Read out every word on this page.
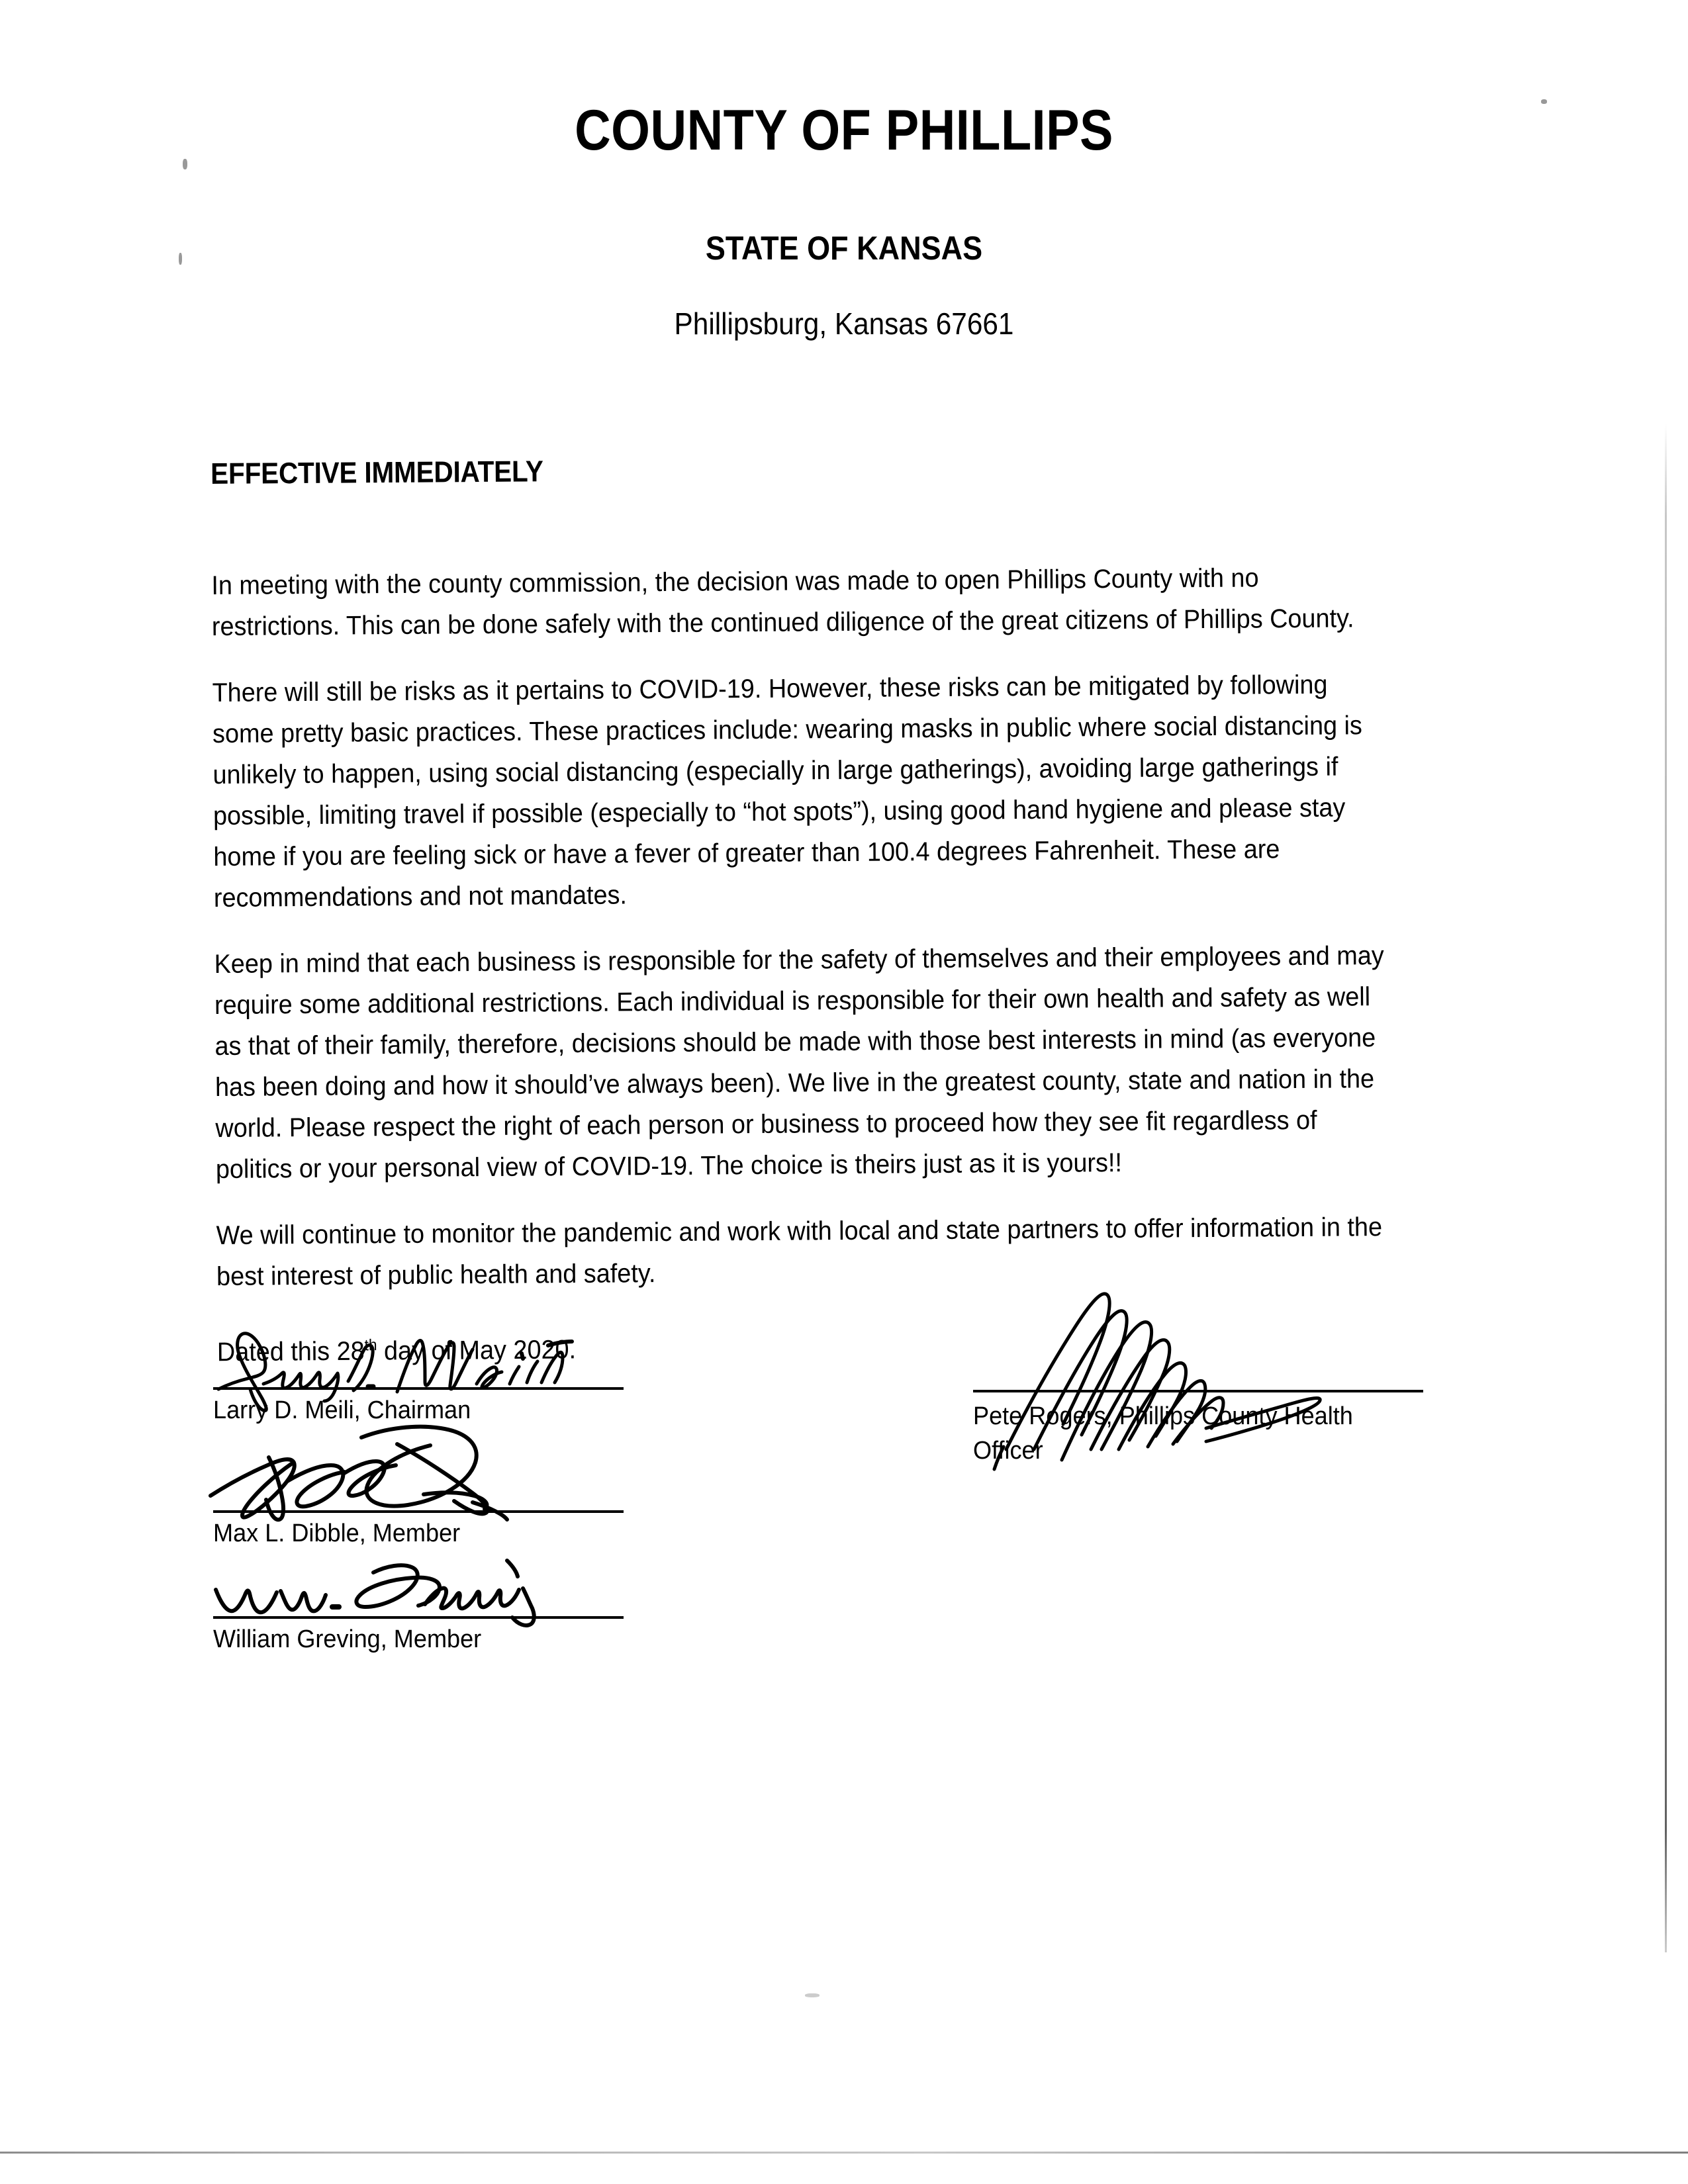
COUNTY OF PHILLIPS
STATE OF KANSAS
Phillipsburg, Kansas 67661
EFFECTIVE IMMEDIATELY

In meeting with the county commission, the decision was made to open Phillips County with no restrictions. This can be done safely with the continued diligence of the great citizens of Phillips County.

There will still be risks as it pertains to COVID-19. However, these risks can be mitigated by following some pretty basic practices. These practices include: wearing masks in public where social distancing is unlikely to happen, using social distancing (especially in large gatherings), avoiding large gatherings if possible, limiting travel if possible (especially to “hot spots”), using good hand hygiene and please stay home if you are feeling sick or have a fever of greater than 100.4 degrees Fahrenheit. These are recommendations and not mandates.

Keep in mind that each business is responsible for the safety of themselves and their employees and may require some additional restrictions. Each individual is responsible for their own health and safety as well as that of their family, therefore, decisions should be made with those best interests in mind (as everyone has been doing and how it should’ve always been). We live in the greatest county, state and nation in the world. Please respect the right of each person or business to proceed how they see fit regardless of politics or your personal view of COVID-19. The choice is theirs just as it is yours!!

We will continue to monitor the pandemic and work with local and state partners to offer information in the best interest of public health and safety.

Dated this 28th day of May 2020.
Larry D. Meili, Chairman
Max L. Dibble, Member
William Greving, Member
Pete Rogers, Phillips County Health Officer
